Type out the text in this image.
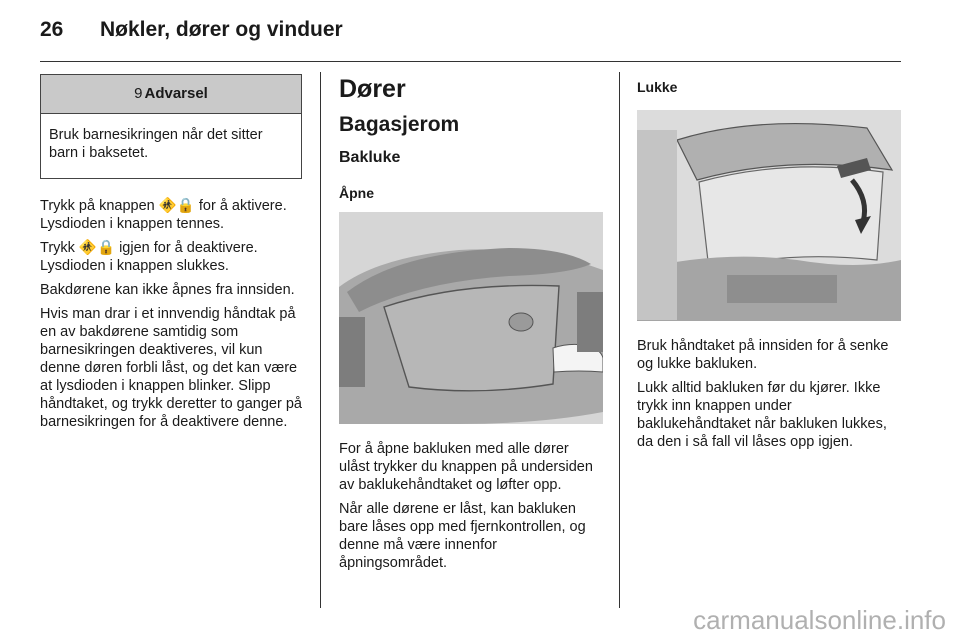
26 Nøkler, dører og vinduer
9 Advarsel
Bruk barnesikringen når det sitter barn i baksetet.

Trykk på knappen 🚸🔒 for å aktivere. Lysdioden i knappen tennes.

Trykk 🚸🔒 igjen for å deaktivere. Lysdioden i knappen slukkes.

Bakdørene kan ikke åpnes fra innsiden.

Hvis man drar i et innvendig håndtak på en av bakdørene samtidig som barnesikringen deaktiveres, vil kun denne døren forbli låst, og det kan være at lysdioden i knappen blinker. Slipp håndtaket, og trykk deretter to ganger på barnesikringen for å deaktivere denne.

Dører
Bagasjerom
Bakluke
Åpne

For å åpne bakluken med alle dører ulåst trykker du knappen på undersiden av baklukehåndtaket og løfter opp.

Når alle dørene er låst, kan bakluken bare låses opp med fjernkontrollen, og denne må være innenfor åpningsområdet.

Lukke

Bruk håndtaket på innsiden for å senke og lukke bakluken.

Lukk alltid bakluken før du kjører. Ikke trykk inn knappen under baklukehåndtaket når bakluken lukkes, da den i så fall vil låses opp igjen.

carmanualsonline.info
